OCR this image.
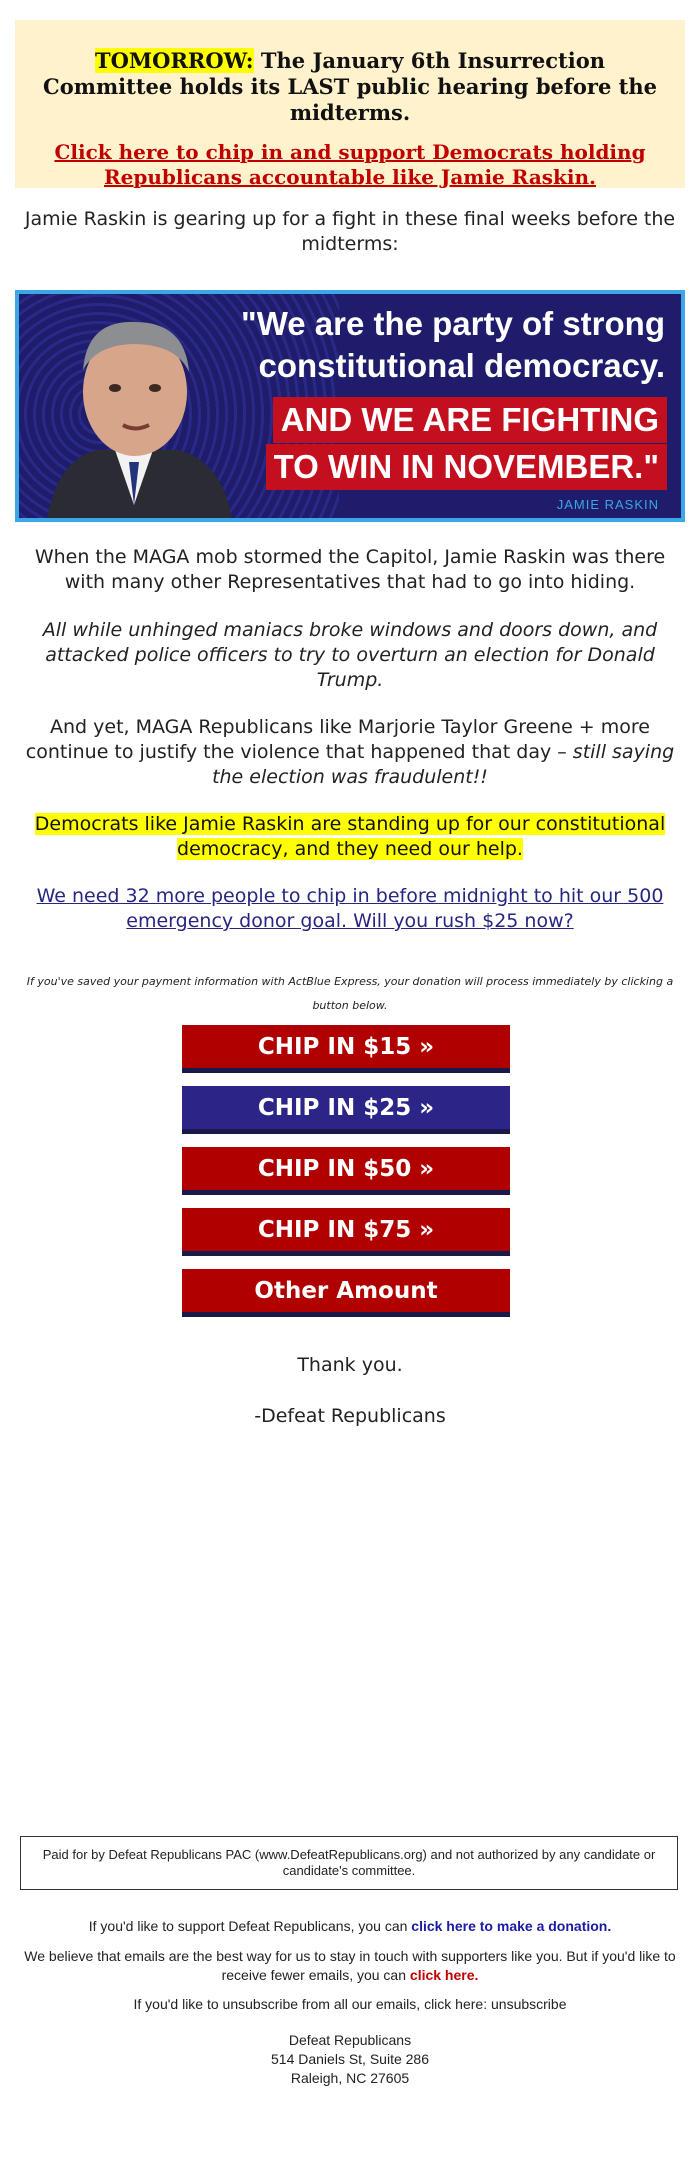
TOMORROW: The January 6th Insurrection Committee holds its LAST public hearing before the midterms.
Click here to chip in and support Democrats holding Republicans accountable like Jamie Raskin.

Jamie Raskin is gearing up for a fight in these final weeks before the midterms:

"We are the party of strong
constitutional democracy.
AND WE ARE FIGHTING
TO WIN IN NOVEMBER."
JAMIE RASKIN

When the MAGA mob stormed the Capitol, Jamie Raskin was there with many other Representatives that had to go into hiding.

All while unhinged maniacs broke windows and doors down, and attacked police officers to try to overturn an election for Donald Trump.

And yet, MAGA Republicans like Marjorie Taylor Greene + more continue to justify the violence that happened that day – still saying the election was fraudulent!!

Democrats like Jamie Raskin are standing up for our constitutional democracy, and they need our help.

We need 32 more people to chip in before midnight to hit our 500 emergency donor goal. Will you rush $25 now?

If you've saved your payment information with ActBlue Express, your donation will process immediately by clicking a button below.

CHIP IN $15 »
CHIP IN $25 »
CHIP IN $50 »
CHIP IN $75 »
Other Amount

Thank you.

-Defeat Republicans

Paid for by Defeat Republicans PAC (www.DefeatRepublicans.org) and not authorized by any candidate or candidate's committee.

If you'd like to support Defeat Republicans, you can click here to make a donation.

We believe that emails are the best way for us to stay in touch with supporters like you. But if you'd like to receive fewer emails, you can click here.

If you'd like to unsubscribe from all our emails, click here: unsubscribe

Defeat Republicans

514 Daniels St, Suite 286

Raleigh, NC 27605
